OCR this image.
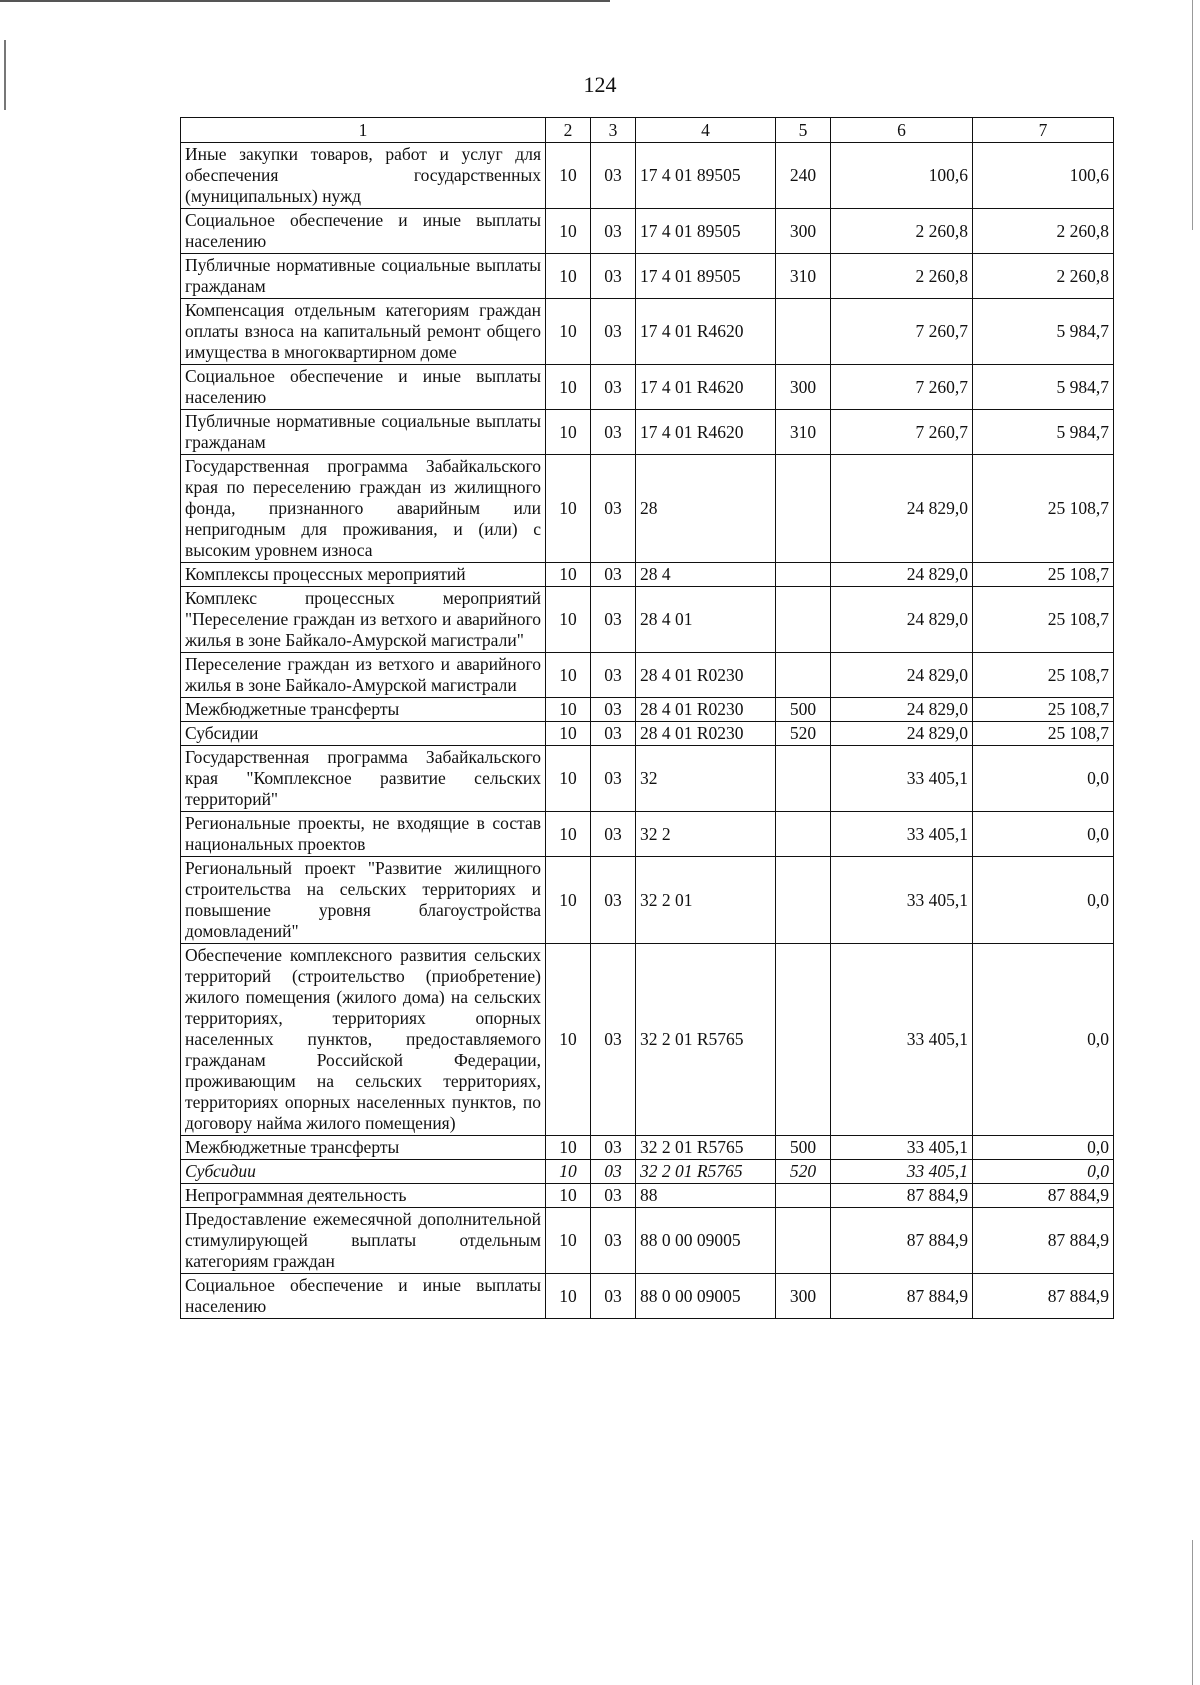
124
1	2	3	4	5	6	7
Иные закупки товаров, работ и услуг для обеспечения государственных (муниципальных) нужд	10	03	17 4 01 89505	240	100,6	100,6
Социальное обеспечение и иные выплаты населению	10	03	17 4 01 89505	300	2 260,8	2 260,8
Публичные нормативные социальные выплаты гражданам	10	03	17 4 01 89505	310	2 260,8	2 260,8
Компенсация отдельным категориям граждан оплаты взноса на капитальный ремонт общего имущества в многоквартирном доме	10	03	17 4 01 R4620		7 260,7	5 984,7
Социальное обеспечение и иные выплаты населению	10	03	17 4 01 R4620	300	7 260,7	5 984,7
Публичные нормативные социальные выплаты гражданам	10	03	17 4 01 R4620	310	7 260,7	5 984,7
Государственная программа Забайкальского края по переселению граждан из жилищного фонда, признанного аварийным или непригодным для проживания, и (или) с высоким уровнем износа	10	03	28		24 829,0	25 108,7
Комплексы процессных мероприятий	10	03	28 4		24 829,0	25 108,7
Комплекс процессных мероприятий "Переселение граждан из ветхого и аварийного жилья в зоне Байкало-Амурской магистрали"	10	03	28 4 01		24 829,0	25 108,7
Переселение граждан из ветхого и аварийного жилья в зоне Байкало-Амурской магистрали	10	03	28 4 01 R0230		24 829,0	25 108,7
Межбюджетные трансферты	10	03	28 4 01 R0230	500	24 829,0	25 108,7
Субсидии	10	03	28 4 01 R0230	520	24 829,0	25 108,7
Государственная программа Забайкальского края "Комплексное развитие сельских территорий"	10	03	32		33 405,1	0,0
Региональные проекты, не входящие в состав национальных проектов	10	03	32 2		33 405,1	0,0
Региональный проект "Развитие жилищного строительства на сельских территориях и повышение уровня благоустройства домовладений"	10	03	32 2 01		33 405,1	0,0
Обеспечение комплексного развития сельских территорий (строительство (приобретение) жилого помещения (жилого дома) на сельских территориях, территориях опорных населенных пунктов, предоставляемого гражданам Российской Федерации, проживающим на сельских территориях, территориях опорных населенных пунктов, по договору найма жилого помещения)	10	03	32 2 01 R5765		33 405,1	0,0
Межбюджетные трансферты	10	03	32 2 01 R5765	500	33 405,1	0,0
Субсидии	10	03	32 2 01 R5765	520	33 405,1	0,0
Непрограммная деятельность	10	03	88		87 884,9	87 884,9
Предоставление ежемесячной дополнительной стимулирующей выплаты отдельным категориям граждан	10	03	88 0 00 09005		87 884,9	87 884,9
Социальное обеспечение и иные выплаты населению	10	03	88 0 00 09005	300	87 884,9	87 884,9
